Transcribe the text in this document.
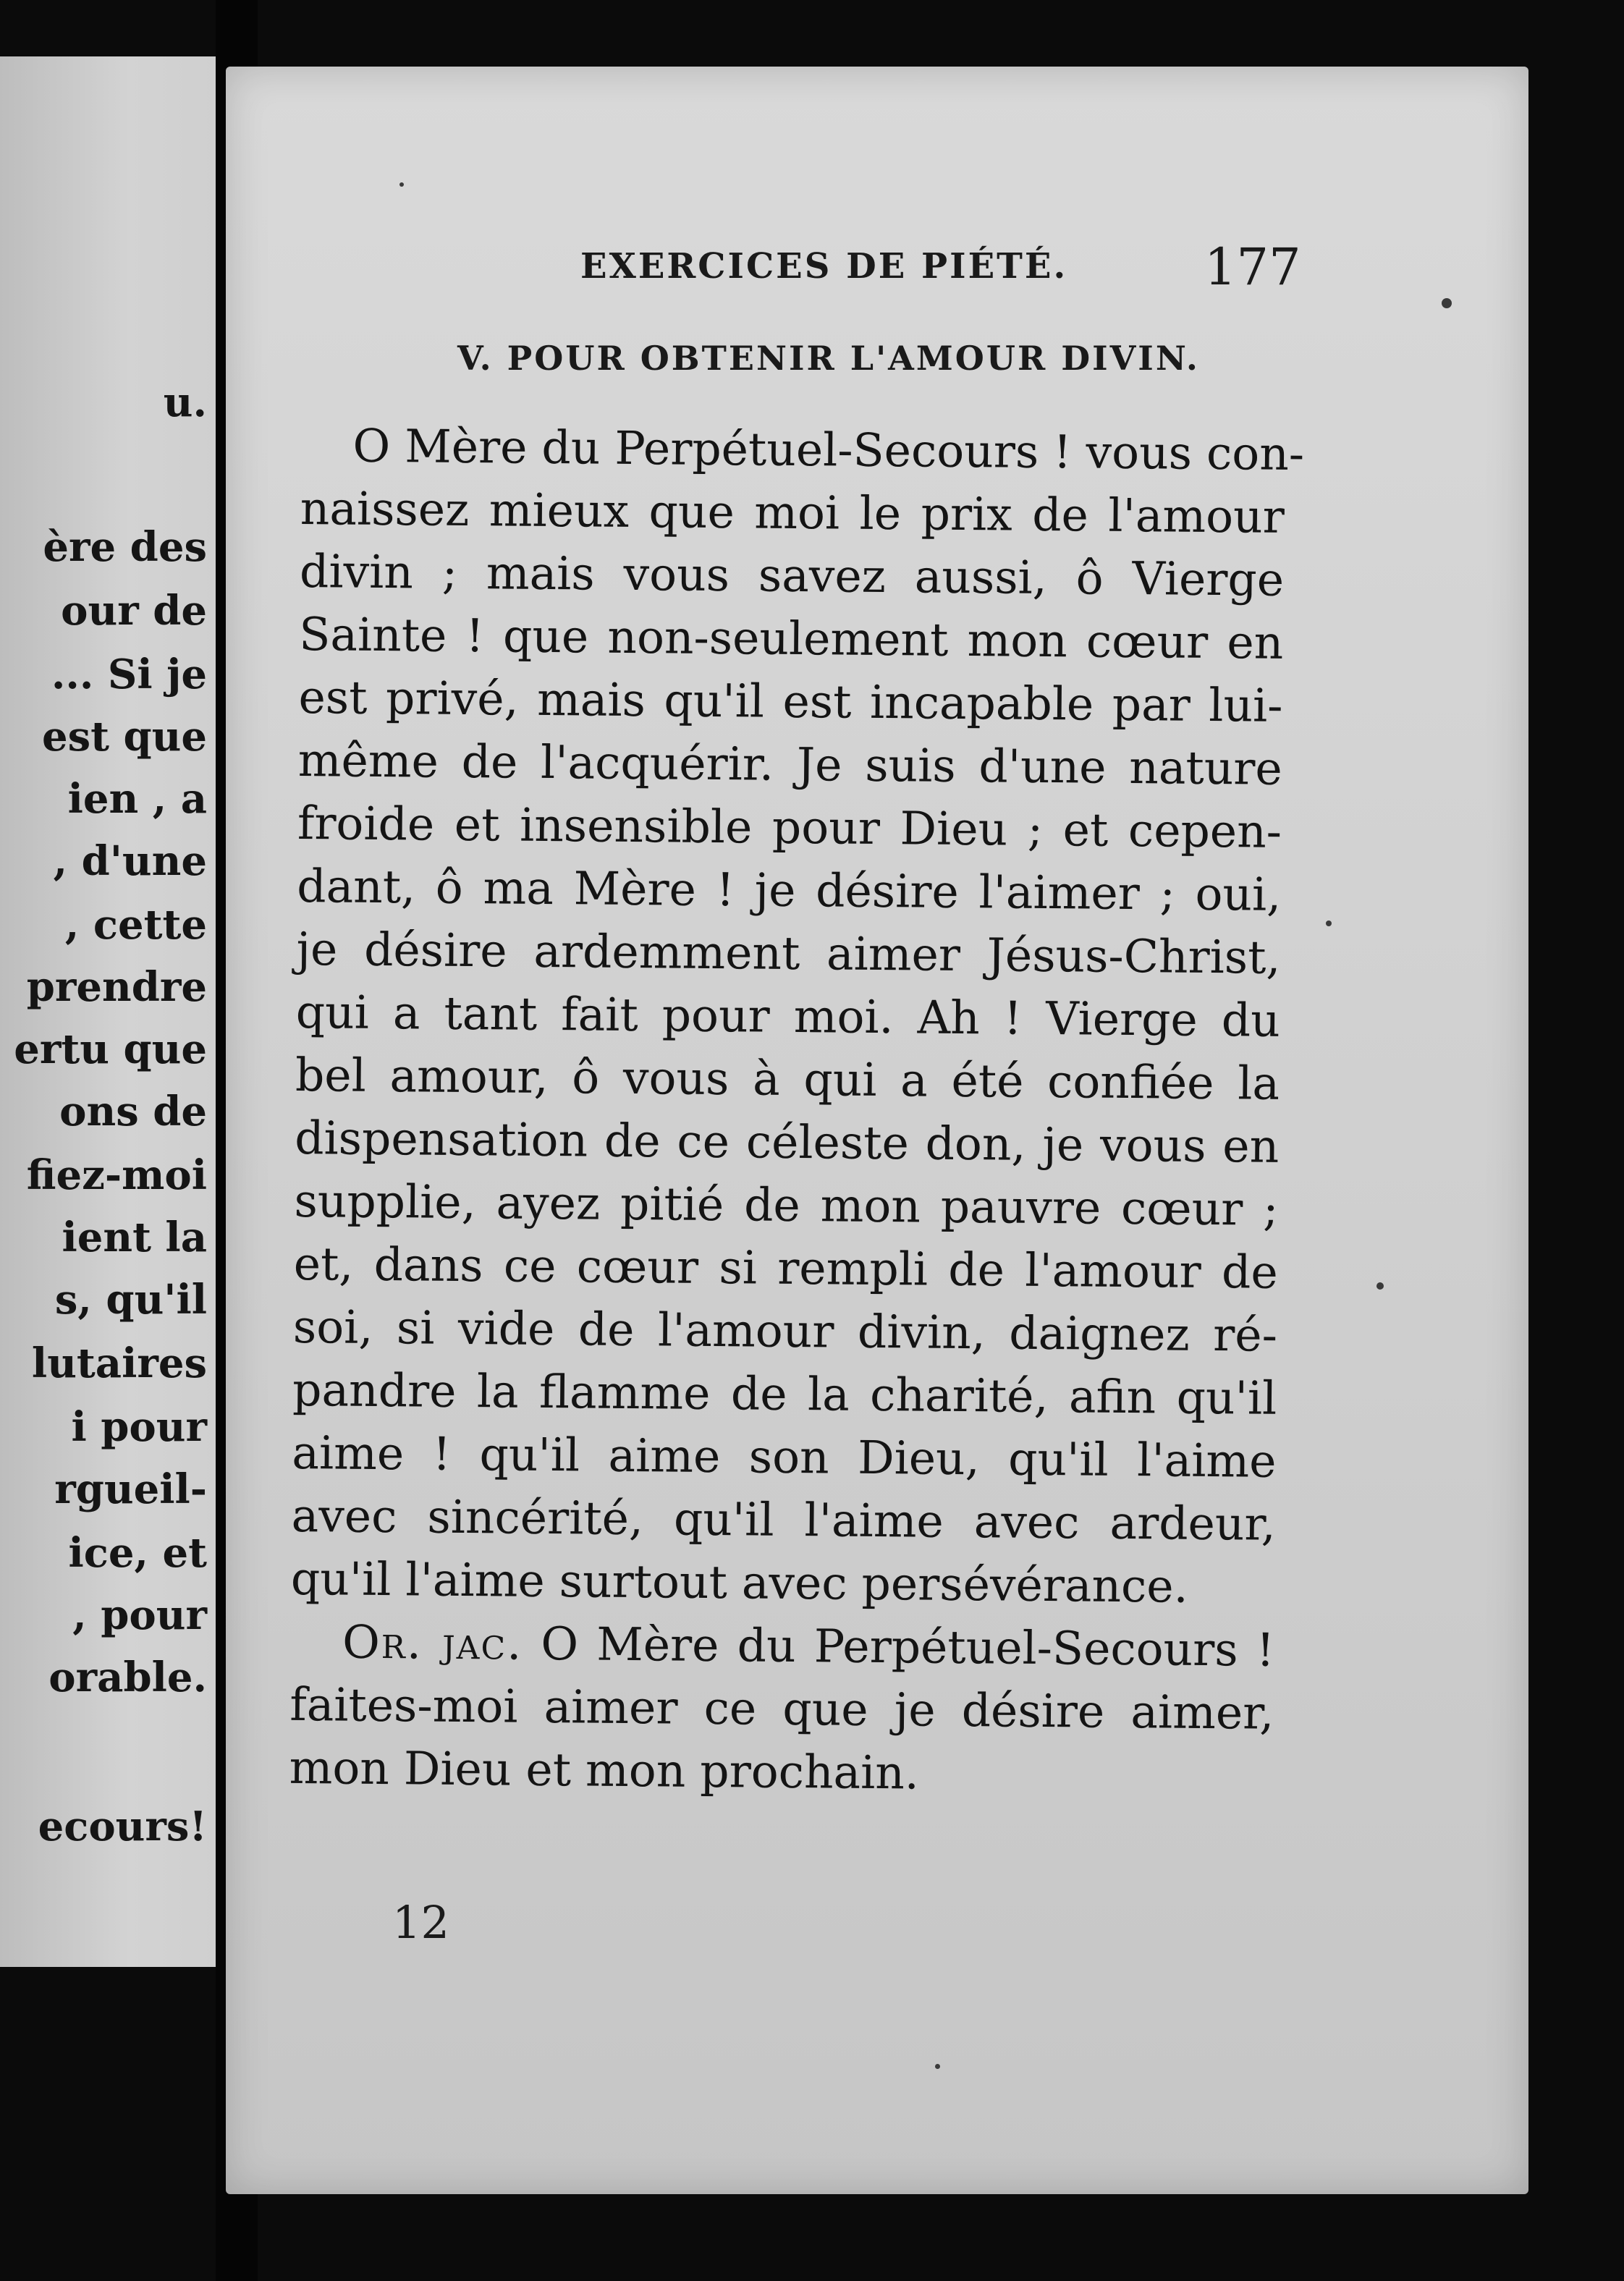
u.
ère des
our de
... Si je
est que
ien , a
, d'une
, cette
prendre
ertu que
ons de
fiez-moi
ient la
s, qu'il
lutaires
i pour
rgueil-
ice, et
, pour
orable.
ecours!
EXERCICES DE PIÉTÉ.	177
V. POUR OBTENIR L'AMOUR DIVIN.
O Mère du Perpétuel-Secours ! vous con-
naissez mieux que moi le prix de l'amour
divin ; mais vous savez aussi, ô Vierge
Sainte ! que non-seulement mon cœur en
est privé, mais qu'il est incapable par lui-
même de l'acquérir. Je suis d'une nature
froide et insensible pour Dieu ; et cepen-
dant, ô ma Mère ! je désire l'aimer ; oui,
je désire ardemment aimer Jésus-Christ,
qui a tant fait pour moi. Ah ! Vierge du
bel amour, ô vous à qui a été confiée la
dispensation de ce céleste don, je vous en
supplie, ayez pitié de mon pauvre cœur ;
et, dans ce cœur si rempli de l'amour de
soi, si vide de l'amour divin, daignez ré-
pandre la flamme de la charité, afin qu'il
aime ! qu'il aime son Dieu, qu'il l'aime
avec sincérité, qu'il l'aime avec ardeur,
qu'il l'aime surtout avec persévérance.
Or. jac. O Mère du Perpétuel-Secours !
faites-moi aimer ce que je désire aimer,
mon Dieu et mon prochain.
12
